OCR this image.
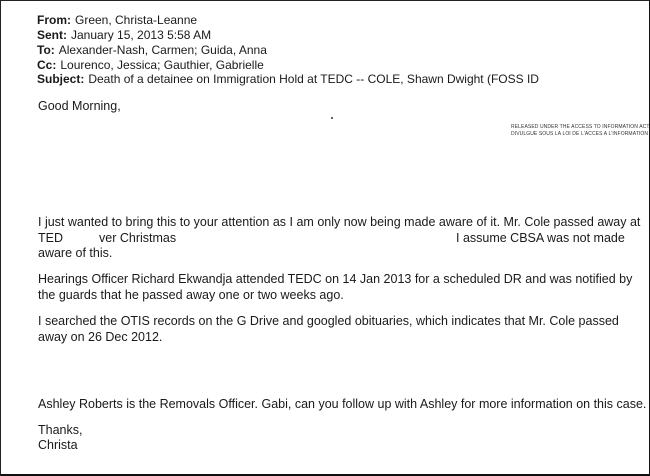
From: Green, Christa-Leanne
Sent: January 15, 2013 5:58 AM
To: Alexander-Nash, Carmen; Guida, Anna
Cc: Lourenco, Jessica; Gauthier, Gabrielle
Subject: Death of a detainee on Immigration Hold at TEDC -- COLE, Shawn Dwight (FOSS ID
Good Morning,
RELEASED UNDER THE ACCESS TO INFORMATION ACT
DIVULGUE SOUS LA LOI DE L'ACCES A L'INFORMATION
I just wanted to bring this to your attention as I am only now being made aware of it. Mr. Cole passed away at
TED	ver Christmas	I assume CBSA was not made
aware of this.
Hearings Officer Richard Ekwandja attended TEDC on 14 Jan 2013 for a scheduled DR and was notified by
the guards that he passed away one or two weeks ago.
I searched the OTIS records on the G Drive and googled obituaries, which indicates that Mr. Cole passed
away on 26 Dec 2012.
Ashley Roberts is the Removals Officer. Gabi, can you follow up with Ashley for more information on this case.
Thanks,
Christa
